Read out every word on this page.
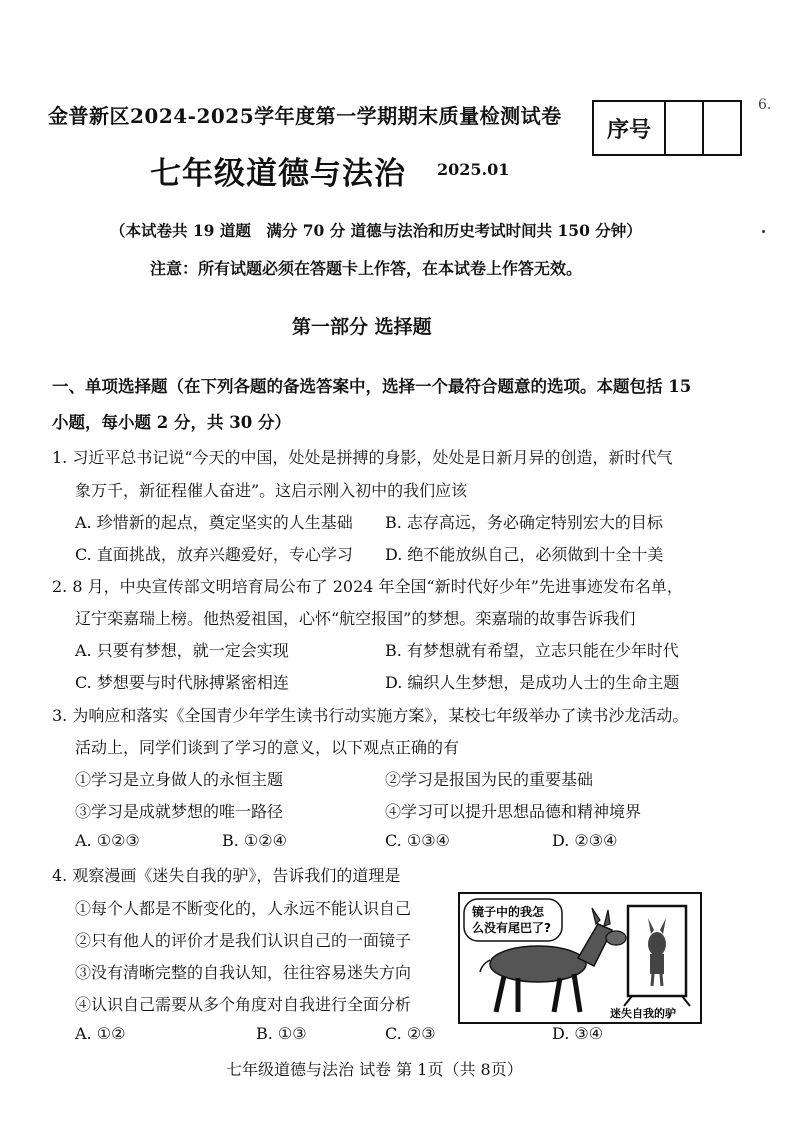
金普新区2024-2025学年度第一学期期末质量检测试卷
序号
6.
七年级道德与法治 2025.01
（本试卷共 19 道题　满分 70 分 道德与法治和历史考试时间共 150 分钟）
注意：所有试题必须在答题卡上作答，在本试卷上作答无效。
第一部分 选择题
一、单项选择题（在下列各题的备选答案中，选择一个最符合题意的选项。本题包括 15
小题，每小题 2 分，共 30 分）
1. 习近平总书记说“今天的中国，处处是拼搏的身影，处处是日新月异的创造，新时代气
象万千，新征程催人奋进”。这启示刚入初中的我们应该
A. 珍惜新的起点，奠定坚实的人生基础 B. 志存高远，务必确定特别宏大的目标
C. 直面挑战，放弃兴趣爱好，专心学习 D. 绝不能放纵自己，必须做到十全十美
2. 8 月，中央宣传部文明培育局公布了 2024 年全国“新时代好少年”先进事迹发布名单，
辽宁栾嘉瑞上榜。他热爱祖国，心怀“航空报国”的梦想。栾嘉瑞的故事告诉我们
A. 只要有梦想，就一定会实现	B. 有梦想就有希望，立志只能在少年时代
C. 梦想要与时代脉搏紧密相连	D. 编织人生梦想，是成功人士的生命主题
3. 为响应和落实《全国青少年学生读书行动实施方案》，某校七年级举办了读书沙龙活动。
活动上，同学们谈到了学习的意义，以下观点正确的有
①学习是立身做人的永恒主题	②学习是报国为民的重要基础
③学习是成就梦想的唯一路径	④学习可以提升思想品德和精神境界
A. ①②③	B. ①②④	C. ①③④	D. ②③④
4. 观察漫画《迷失自我的驴》，告诉我们的道理是
①每个人都是不断变化的，人永远不能认识自己
②只有他人的评价才是我们认识自己的一面镜子
③没有清晰完整的自我认知，往往容易迷失方向
④认识自己需要从多个角度对自我进行全面分析
A. ①②	B. ①③	C. ②③	D. ③④
镜子中的我怎
么没有尾巴了?
迷失自我的驴
七年级道德与法治 试卷 第 1页（共 8页）
